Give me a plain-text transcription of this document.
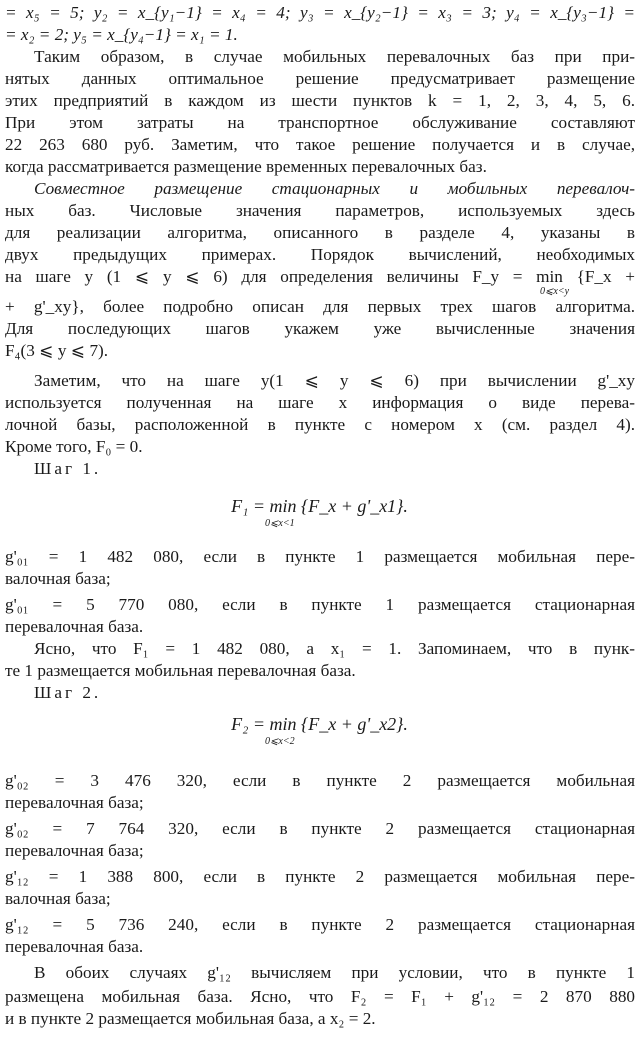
= x₅ = 5; y₂ = x_{y₁−1} = x₄ = 4; y₃ = x_{y₂−1} = x₃ = 3; y₄ = x_{y₃−1} =
= x₂ = 2; y₅ = x_{y₄−1} = x₁ = 1.
Таким образом, в случае мобильных перевалочных баз при при-
нятых данных оптимальное решение предусматривает размещение
этих предприятий в каждом из шести пунктов k = 1, 2, 3, 4, 5, 6.
При этом затраты на транспортное обслуживание составляют
22 263 680 руб. Заметим, что такое решение получается и в случае,
когда рассматривается размещение временных перевалочных баз.
Совместное размещение стационарных и мобильных перевалоч-
ных баз. Числовые значения параметров, используемых здесь
для реализации алгоритма, описанного в разделе 4, указаны в
двух предыдущих примерах. Порядок вычислений, необходимых
на шаге y (1 ⩽ y ⩽ 6) для определения величины F_y = min {F_x +
0⩽x<y
+ g'_xy}, более подробно описан для первых трех шагов алгоритма.
Для последующих шагов укажем уже вычисленные значения
F₄(3 ⩽ y ⩽ 7).
Заметим, что на шаге y(1 ⩽ y ⩽ 6) при вычислении g'_xy
используется полученная на шаге x информация о виде перева-
лочной базы, расположенной в пункте с номером x (см. раздел 4).
Кроме того, F₀ = 0.
Шаг 1.
F₁ = min {F_x + g'_x1}.
0⩽x<1
g'₀₁ = 1 482 080, если в пункте 1 размещается мобильная пере-
валочная база;
g'₀₁ = 5 770 080, если в пункте 1 размещается стационарная
перевалочная база.
Ясно, что F₁ = 1 482 080, а x₁ = 1. Запоминаем, что в пунк-
те 1 размещается мобильная перевалочная база.
Шаг 2.
F₂ = min {F_x + g'_x2}.
0⩽x<2
g'₀₂ = 3 476 320, если в пункте 2 размещается мобильная
перевалочная база;
g'₀₂ = 7 764 320, если в пункте 2 размещается стационарная
перевалочная база;
g'₁₂ = 1 388 800, если в пункте 2 размещается мобильная пере-
валочная база;
g'₁₂ = 5 736 240, если в пункте 2 размещается стационарная
перевалочная база.
В обоих случаях g'₁₂ вычисляем при условии, что в пункте 1
размещена мобильная база. Ясно, что F₂ = F₁ + g'₁₂ = 2 870 880
и в пункте 2 размещается мобильная база, а x₂ = 2.
